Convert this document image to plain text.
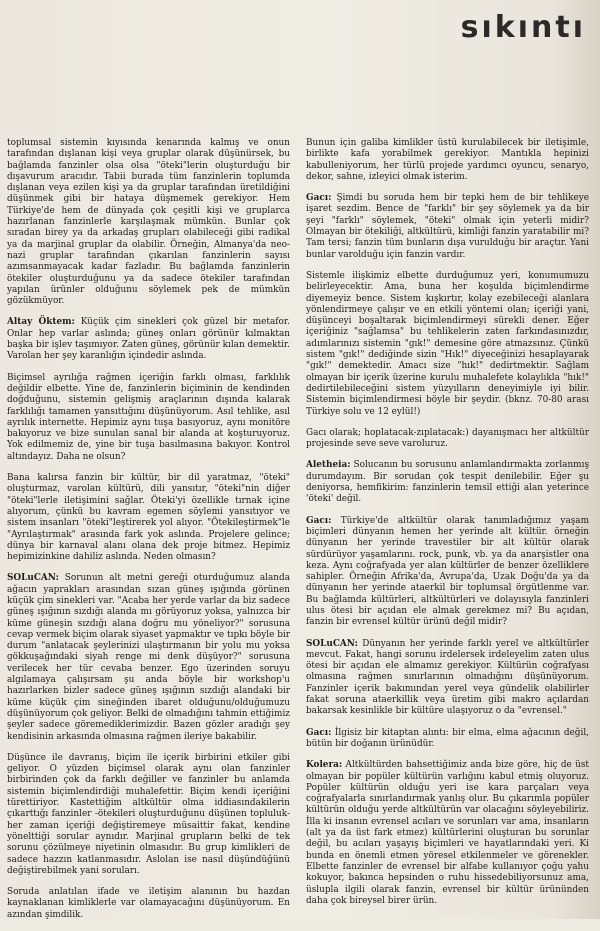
sıkıntı

toplumsal sistemin kıyısında kenarında kalmış ve onun tarafından dışlanan kişi veya gruplar olarak düşünürsek, bu bağlamda fanzinler olsa olsa "öteki"lerin oluşturduğu bir dışavurum aracıdır. Tabii burada tüm fanzinlerin toplumda dışlanan veya ezilen kişi ya da gruplar tarafından üretildiğini düşünmek gibi bir hataya düşmemek gerekiyor. Hem Türkiye'de hem de dünyada çok çeşitli kişi ve gruplarca hazırlanan fanzinlerle karşılaşmak mümkün. Bunlar çok sıradan birey ya da arkadaş grupları olabileceği gibi radikal ya da marjinal gruplar da olabilir. Örneğin, Almanya'da neo-nazi gruplar tarafından çıkarılan fanzinlerin sayısı azımsanmayacak kadar fazladır. Bu bağlamda fanzinlerin ötekiler oluşturduğunu ya da sadece ötekiler tarafından yapılan ürünler olduğunu söylemek pek de mümkün gözükmüyor.

Altay Öktem: Küçük çim sinekleri çok güzel bir metafor. Onlar hep varlar aslında; güneş onları görünür kılmaktan başka bir işlev taşımıyor. Zaten güneş, görünür kılan demektir. Varolan her şey karanlığın içindedir aslında.

Biçimsel ayrılığa rağmen içeriğin farklı olması, farklılık değildir elbette. Yine de, fanzinlerin biçiminin de kendinden doğduğunu, sistemin gelişmiş araçlarının dışında kalarak farklılığı tamamen yansıttığını düşünüyorum. Asıl tehlike, asıl ayrılık internette. Hepimiz aynı tuşa basıyoruz, aynı monitöre bakıyoruz ve bize sunulan sanal bir alanda at koşturuyoruz. Yok edilmemiz de, yine bir tuşa basılmasına bakıyor. Kontrol altındayız. Daha ne olsun?

Bana kalırsa fanzin bir kültür, bir dil yaratmaz, "öteki" oluşturmaz, varolan kültürü, dili yansıtır, "öteki"nin diğer "öteki"lerle iletişimini sağlar. Öteki'yi özellikle tırnak içine alıyorum, çünkü bu kavram egemen söylemi yansıtıyor ve sistem insanları "öteki"leştirerek yol alıyor. "Ötekileştirmek"le "Ayrılaştırmak" arasında fark yok aslında. Projelere gelince; dünya bir karnaval alanı olana dek proje bitmez. Hepimiz hepimizinkine dahiliz aslında. Neden olmasın?

SOLuCAN: Sorunun alt metni gereği oturduğumuz alanda ağacın yaprakları arasından sızan güneş ışığında görünen küçük çim sinekleri var. "Acaba her yerde varlar da biz sadece güneş ışığının sızdığı alanda mı görüyoruz yoksa, yalnızca bir küme güneşin sızdığı alana doğru mu yöneliyor?" sorusuna cevap vermek biçim olarak siyaset yapmaktır ve tıpkı böyle bir durum "anlatacak şeylerinizi ulaştırmanın bir yolu mu yoksa gökkuşağındaki siyah renge mi denk düşüyor?" sorusuna verilecek her tür cevaba benzer. Ego üzerinden soruyu algılamaya çalışırsam şu anda böyle bir workshop'u hazırlarken bizler sadece güneş ışığının sızdığı alandaki bir küme küçük çim sineğinden ibaret olduğunu/olduğumuzu düşünüyorum çok geliyor. Belki de olmadığını tahmin ettiğimiz şeyler sadece göremediklerimizdir. Bazen gözler aradığı şey kendisinin arkasında olmasına rağmen ileriye bakabilir.

Düşünce ile davranış, biçim ile içerik birbirini etkiler gibi geliyor. O yüzden biçimsel olarak aynı olan fanzinler birbirinden çok da farklı değiller ve fanzinler bu anlamda sistemin biçimlendirdiği muhalefettir. Biçim kendi içeriğini türettiriyor. Kastettiğim altkültür olma iddiasındakilerin çıkarttığı fanzinler -ötekileri oluşturduğunu düşünen topluluk- her zaman içeriği değiştiremeye müsaittir fakat, kendine yönelttiği sorular aynıdır. Marjinal grupların belki de tek sorunu çözülmeye niyetinin olmasıdır. Bu grup kimlikleri de sadece hazzın katlanmasıdır. Aslolan ise nasıl düşündüğünü değiştirebilmek yani soruları.

Soruda anlatılan ifade ve iletişim alanının bu hazdan kaynaklanan kimliklerle var olamayacağını düşünüyorum. En azından şimdilik.

Bunun için galiba kimlikler üstü kurulabilecek bir iletişimle, birlikte kafa yorabilmek gerekiyor. Mantıkla hepinizi kabulleniyorum, her türlü projede yardımcı oyuncu, senaryo, dekor, sahne, izleyici olmak isterim.

Gacı: Şimdi bu soruda hem bir tepki hem de bir tehlikeye işaret sezdim. Bence de "farklı" bir şey söylemek ya da bir şeyi "farklı" söylemek, "öteki" olmak için yeterli midir? Olmayan bir ötekiliği, altkültürü, kimliği fanzin yaratabilir mi? Tam tersi; fanzin tüm bunların dışa vurulduğu bir araçtır. Yani bunlar varolduğu için fanzin vardır.

Sistemle ilişkimiz elbette durduğumuz yeri, konumumuzu belirleyecektir. Ama, buna her koşulda biçimlendirme diyemeyiz bence. Sistem kışkırtır, kolay ezebileceği alanlara yönlendirmeye çalışır ve en etkili yöntemi olan; içeriği yani, düşünceyi boşaltarak biçimlendirmeyi sürekli dener. Eğer içeriğiniz "sağlamsa" bu tehlikelerin zaten farkındasınızdır, adımlarınızı sistemin "gık!" demesine göre atmazsınız. Çünkü sistem "gık!" dediğinde sizin "Hık!" diyeceğinizi hesaplayarak "gık!" demektedir. Amacı size "hık!" dedirtmektir. Sağlam olmayan bir içerik üzerine kurulu muhalefete kolaylıkla "hık!" dedirtilebileceğini sistem yüzyılların deneyimiyle iyi bilir. Sistemin biçimlendirmesi böyle bir şeydir. (bknz. 70-80 arası Türkiye solu ve 12 eylül!)

Gacı olarak; hoplatacak-zıplatacak:) dayanışmacı her altkültür projesinde seve seve varoluruz.

Aletheia: Solucanın bu sorusunu anlamlandırmakta zorlanmış durumdayım. Bir sorudan çok tespit denilebilir. Eğer şu deniyorsa, hemfikirim: fanzinlerin temsil ettiği alan yeterince 'öteki' değil.

Gacı: Türkiye'de altkültür olarak tanımladığımız yaşam biçimleri dünyanın hemen her yerinde alt kültür. örneğin dünyanın her yerinde travestiler bir alt kültür olarak sürdürüyor yaşamlarını. rock, punk, vb. ya da anarşistler ona keza. Aynı coğrafyada yer alan kültürler de benzer özelliklere sahipler. Örneğin Afrika'da, Avrupa'da, Uzak Doğu'da ya da dünyanın her yerinde ataerkil bir toplumsal örgütlenme var. Bu bağlamda kültürleri, altkültürleri ve dolayısıyla fanzinleri ulus ötesi bir açıdan ele almak gerekmez mi? Bu açıdan, fanzin bir evrensel kültür ürünü değil midir?

SOLuCAN: Dünyanın her yerinde farklı yerel ve altkültürler mevcut. Fakat, hangi sorunu irdelersek irdeleyelim zaten ulus ötesi bir açıdan ele almamız gerekiyor. Kültürün coğrafyası olmasına rağmen sınırlarının olmadığını düşünüyorum. Fanzinler içerik bakımından yerel veya gündelik olabilirler fakat soruna ataerkillik veya üretim gibi makro açılardan bakarsak kesinlikle bir kültüre ulaşıyoruz o da "evrensel."

Gacı: İlgisiz bir kitaptan alıntı: bir elma, elma ağacının değil, bütün bir doğanın ürünüdür.

Kolera: Altkültürden bahsettiğimiz anda bize göre, hiç de üst olmayan bir popüler kültürün varlığını kabul etmiş oluyoruz. Popüler kültürün olduğu yeri ise kara parçaları veya coğrafyalarla sınırlandırmak yanlış olur. Bu çıkarımla popüler kültürün olduğu yerde altkültürün var olacağını söyleyebiliriz. İlla ki insanın evrensel acıları ve sorunları var ama, insanların (alt ya da üst fark etmez) kültürlerini oluşturan bu sorunlar değil, bu acıları yaşayış biçimleri ve hayatlarındaki yeri. Ki bunda en önemli etmen yöresel etkilenmeler ve görenekler. Elbette fanzinler de evrensel bir alfabe kullanıyor çoğu yahu kokuyor, bakınca hepsinden o ruhu hissedebiliyorsunuz ama, üslupla ilgili olarak fanzin, evrensel bir kültür ürününden daha çok bireysel birer ürün.
